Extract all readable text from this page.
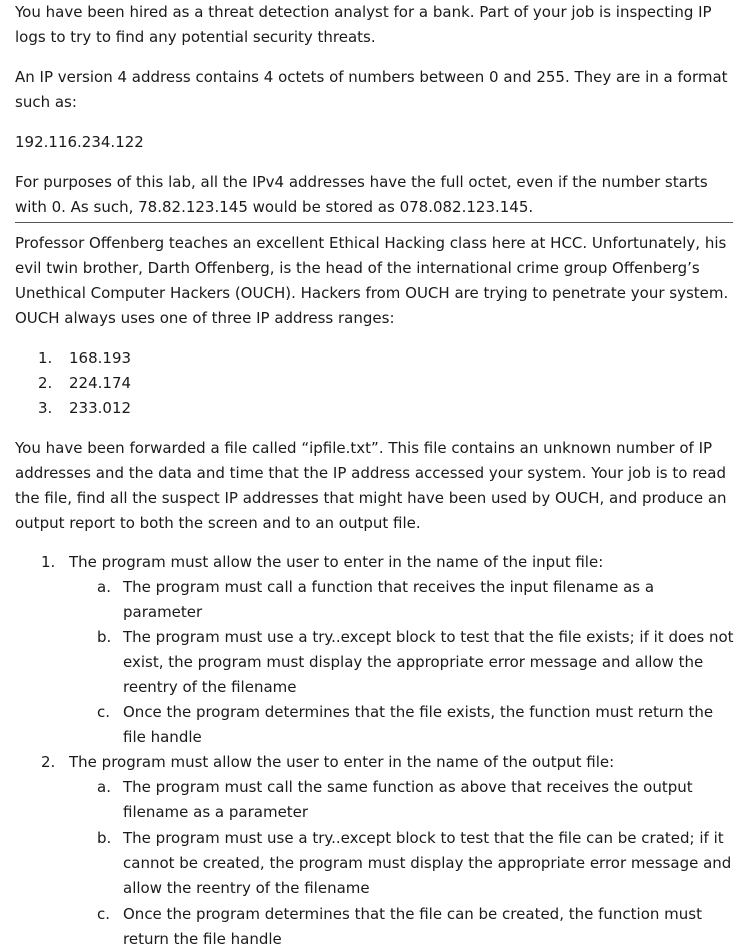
You have been hired as a threat detection analyst for a bank. Part of your job is inspecting IP logs to try to find any potential security threats.

An IP version 4 address contains 4 octets of numbers between 0 and 255. They are in a format such as:

192.116.234.122

For purposes of this lab, all the IPv4 addresses have the full octet, even if the number starts with 0. As such, 78.82.123.145 would be stored as 078.082.123.145.

Professor Offenberg teaches an excellent Ethical Hacking class here at HCC. Unfortunately, his evil twin brother, Darth Offenberg, is the head of the international crime group Offenberg’s Unethical Computer Hackers (OUCH). Hackers from OUCH are trying to penetrate your system. OUCH always uses one of three IP address ranges:

1. 168.193
2. 224.174
3. 233.012

You have been forwarded a file called “ipfile.txt”. This file contains an unknown number of IP addresses and the data and time that the IP address accessed your system. Your job is to read the file, find all the suspect IP addresses that might have been used by OUCH, and produce an output report to both the screen and to an output file.

1. The program must allow the user to enter in the name of the input file:
a. The program must call a function that receives the input filename as a parameter
b. The program must use a try..except block to test that the file exists; if it does not exist, the program must display the appropriate error message and allow the reentry of the filename
c. Once the program determines that the file exists, the function must return the file handle
2. The program must allow the user to enter in the name of the output file:
a. The program must call the same function as above that receives the output filename as a parameter
b. The program must use a try..except block to test that the file can be crated; if it cannot be created, the program must display the appropriate error message and allow the reentry of the filename
c. Once the program determines that the file can be created, the function must return the file handle
